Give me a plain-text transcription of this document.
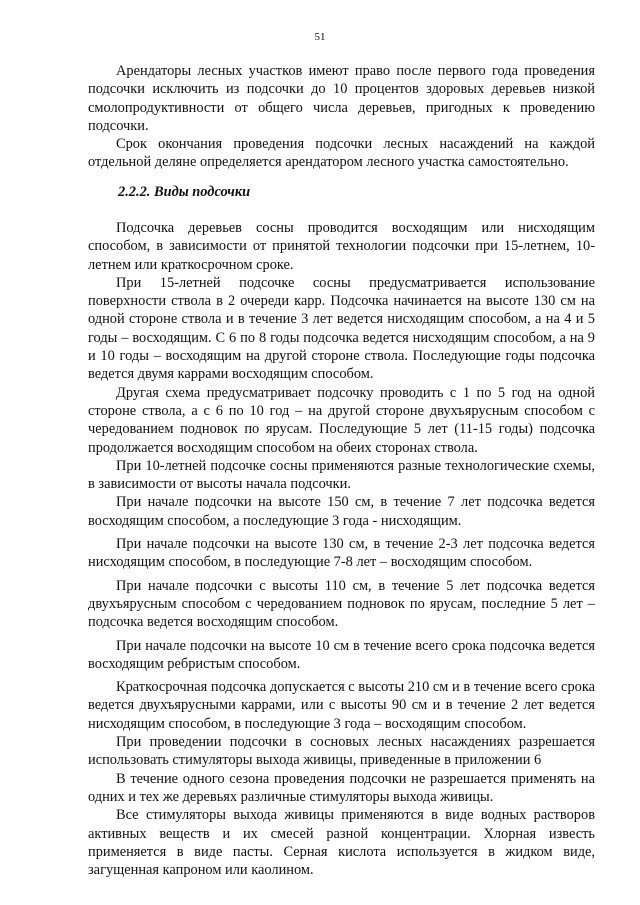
51

Арендаторы лесных участков имеют право после первого года проведения подсочки исключить из подсочки до 10 процентов здоровых деревьев низкой смолопродуктивности от общего числа деревьев, пригодных к проведению подсочки.

Срок окончания проведения подсочки лесных насаждений на каждой отдельной деляне определяется арендатором лесного участка самостоятельно.

2.2.2. Виды подсочки

Подсочка деревьев сосны проводится восходящим или нисходящим способом, в зависимости от принятой технологии подсочки при 15-летнем, 10-летнем или краткосрочном сроке.

При 15-летней подсочке сосны предусматривается использование поверхности ствола в 2 очереди карр. Подсочка начинается на высоте 130 см на одной стороне ствола и в течение 3 лет ведется нисходящим способом, а на 4 и 5 годы – восходящим. С 6 по 8 годы подсочка ведется нисходящим способом, а на 9 и 10 годы – восходящим на другой стороне ствола. Последующие годы подсочка ведется двумя каррами восходящим способом.

Другая схема предусматривает подсочку проводить с 1 по 5 год на одной стороне ствола, а с 6 по 10 год – на другой стороне двухъярусным способом с чередованием подновок по ярусам. Последующие 5 лет (11-15 годы) подсочка продолжается восходящим способом на обеих сторонах ствола.

При 10-летней подсочке сосны применяются разные технологические схемы, в зависимости от высоты начала подсочки.

При начале подсочки на высоте 150 см, в течение 7 лет подсочка ведется восходящим способом, а последующие 3 года - нисходящим.

При начале подсочки на высоте 130 см, в течение 2-3 лет подсочка ведется нисходящим способом, в последующие 7-8 лет – восходящим способом.

При начале подсочки с высоты 110 см, в течение 5 лет подсочка ведется двухъярусным способом с чередованием подновок по ярусам, последние 5 лет – подсочка ведется восходящим способом.

При начале подсочки на высоте 10 см в течение всего срока подсочка ведется восходящим ребристым способом.

Краткосрочная подсочка допускается с высоты 210 см и в течение всего срока ведется двухъярусными каррами, или с высоты 90 см и в течение 2 лет ведется нисходящим способом, в последующие 3 года – восходящим способом.

При проведении подсочки в сосновых лесных насаждениях разрешается использовать стимуляторы выхода живицы, приведенные в приложении 6

В течение одного сезона проведения подсочки не разрешается применять на одних и тех же деревьях различные стимуляторы выхода живицы.

Все стимуляторы выхода живицы применяются в виде водных растворов активных веществ и их смесей разной концентрации. Хлорная известь применяется в виде пасты. Серная кислота используется в жидком виде, загущенная капроном или каолином.
